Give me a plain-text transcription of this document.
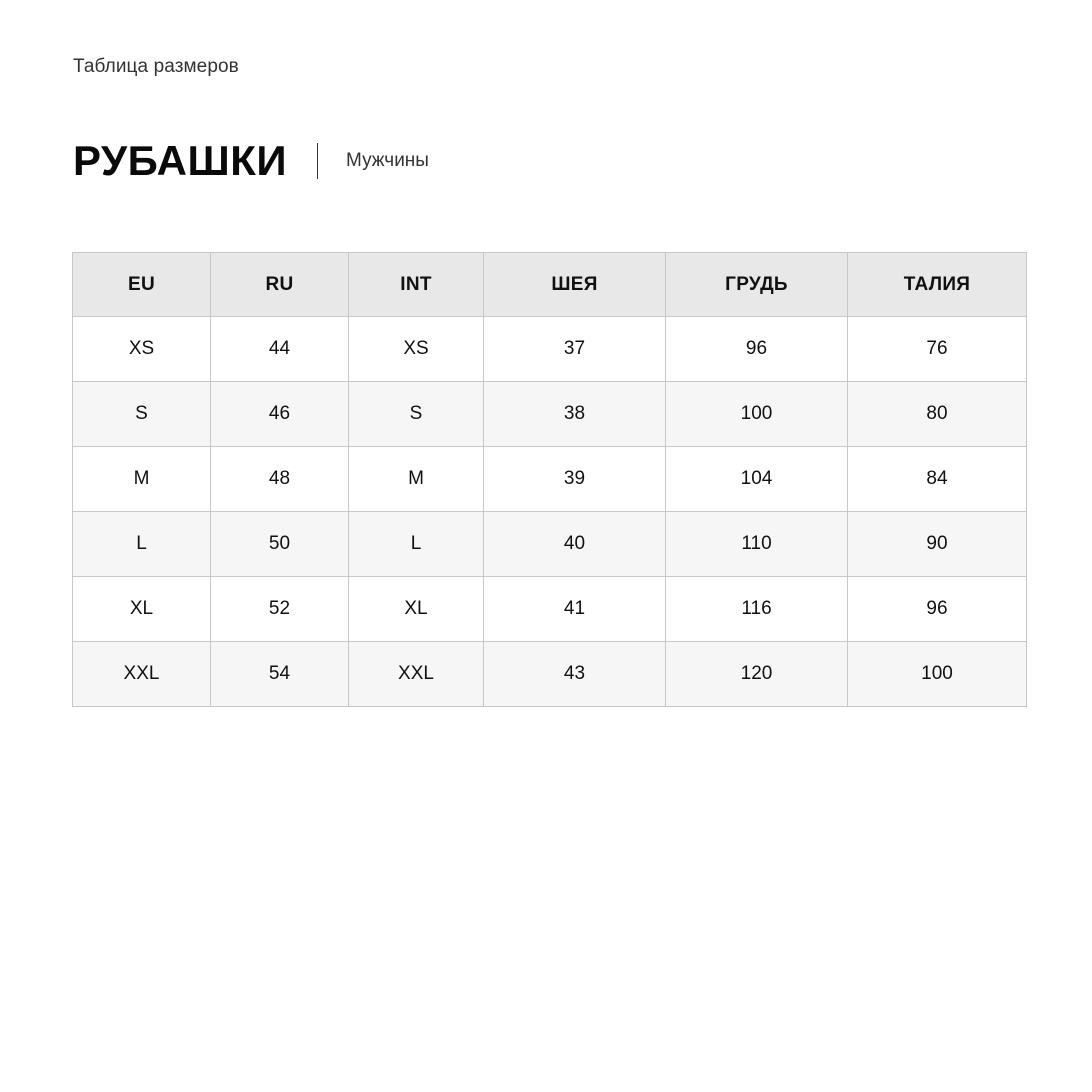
Таблица размеров
РУБАШКИ	Мужчины
EU	RU	INT	ШЕЯ	ГРУДЬ	ТАЛИЯ
XS	44	XS	37	96	76
S	46	S	38	100	80
M	48	M	39	104	84
L	50	L	40	110	90
XL	52	XL	41	116	96
XXL	54	XXL	43	120	100
